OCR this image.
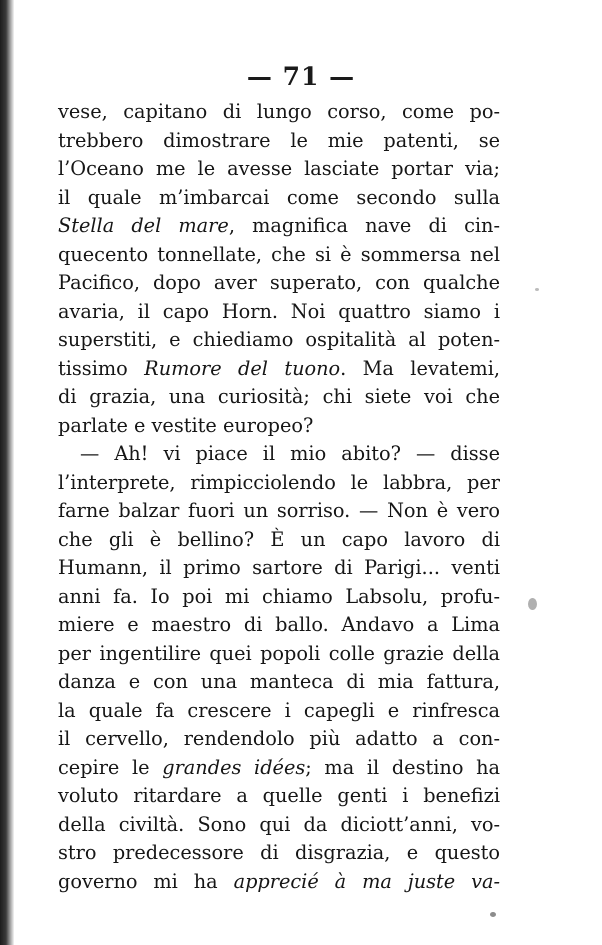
— 71 —
vese, capitano di lungo corso, come po-
trebbero dimostrare le mie patenti, se
l’Oceano me le avesse lasciate portar via;
il quale m’imbarcai come secondo sulla
Stella del mare, magnifica nave di cin-
quecento tonnellate, che si è sommersa nel
Pacifico, dopo aver superato, con qualche
avaria, il capo Horn. Noi quattro siamo i
superstiti, e chiediamo ospitalità al poten-
tissimo Rumore del tuono. Ma levatemi,
di grazia, una curiosità; chi siete voi che
parlate e vestite europeo?
— Ah! vi piace il mio abito? — disse
l’interprete, rimpicciolendo le labbra, per
farne balzar fuori un sorriso. — Non è vero
che gli è bellino? È un capo lavoro di
Humann, il primo sartore di Parigi... venti
anni fa. Io poi mi chiamo Labsolu, profu-
miere e maestro di ballo. Andavo a Lima
per ingentilire quei popoli colle grazie della
danza e con una manteca di mia fattura,
la quale fa crescere i capegli e rinfresca
il cervello, rendendolo più adatto a con-
cepire le grandes idées; ma il destino ha
voluto ritardare a quelle genti i benefizi
della civiltà. Sono qui da diciott’anni, vo-
stro predecessore di disgrazia, e questo
governo mi ha apprecié à ma juste va-
